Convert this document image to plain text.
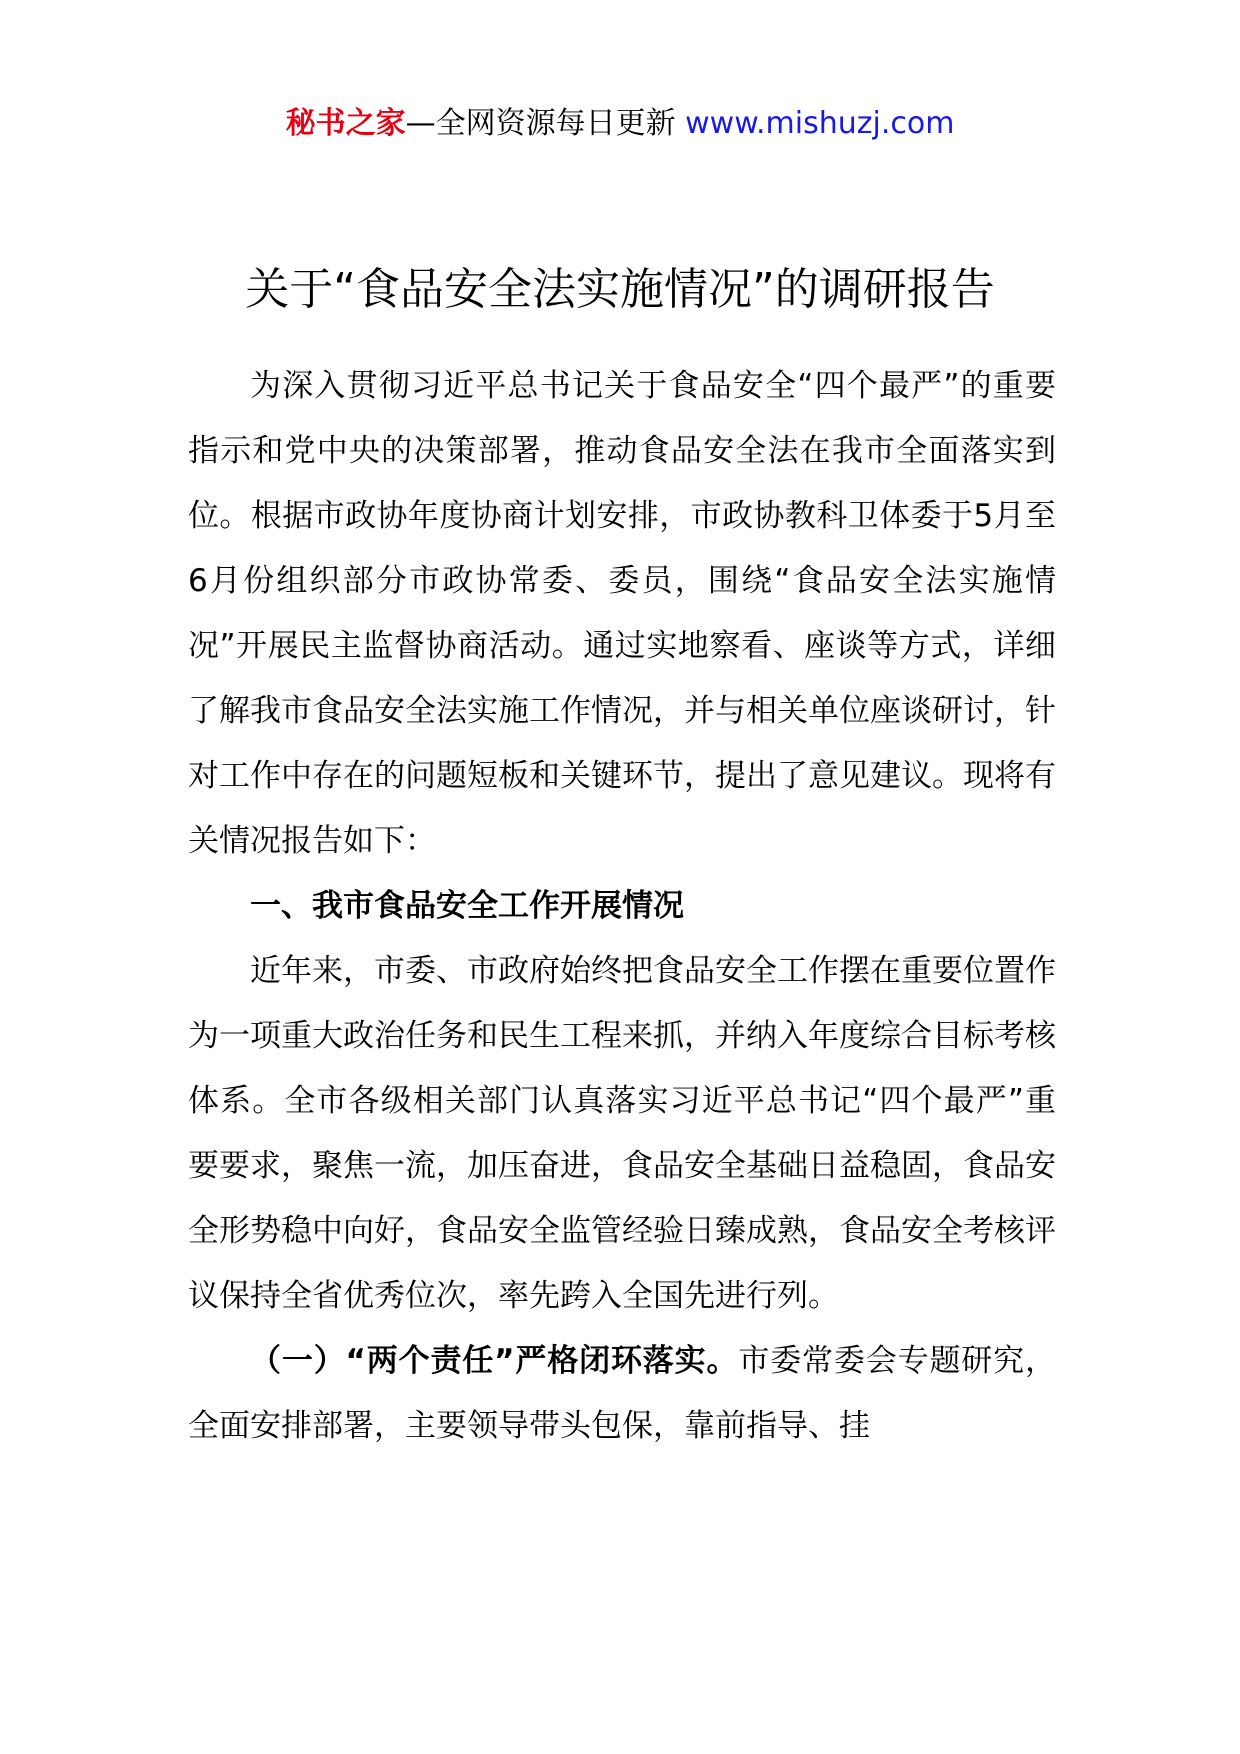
秘书之家—全网资源每日更新 www.mishuzj.com
关于“食品安全法实施情况”的调研报告

为深入贯彻习近平总书记关于食品安全“四个最严”的重要指示和党中央的决策部署，推动食品安全法在我市全面落实到位。根据市政协年度协商计划安排，市政协教科卫体委于5月至6月份组织部分市政协常委、委员，围绕“食品安全法实施情况”开展民主监督协商活动。通过实地察看、座谈等方式，详细了解我市食品安全法实施工作情况，并与相关单位座谈研讨，针对工作中存在的问题短板和关键环节，提出了意见建议。现将有关情况报告如下：

一、我市食品安全工作开展情况

近年来，市委、市政府始终把食品安全工作摆在重要位置作为一项重大政治任务和民生工程来抓，并纳入年度综合目标考核体系。全市各级相关部门认真落实习近平总书记“四个最严”重要要求，聚焦一流，加压奋进，食品安全基础日益稳固，食品安全形势稳中向好，食品安全监管经验日臻成熟，食品安全考核评议保持全省优秀位次，率先跨入全国先进行列。

（一）“两个责任”严格闭环落实。市委常委会专题研究，全面安排部署，主要领导带头包保，靠前指导、挂
